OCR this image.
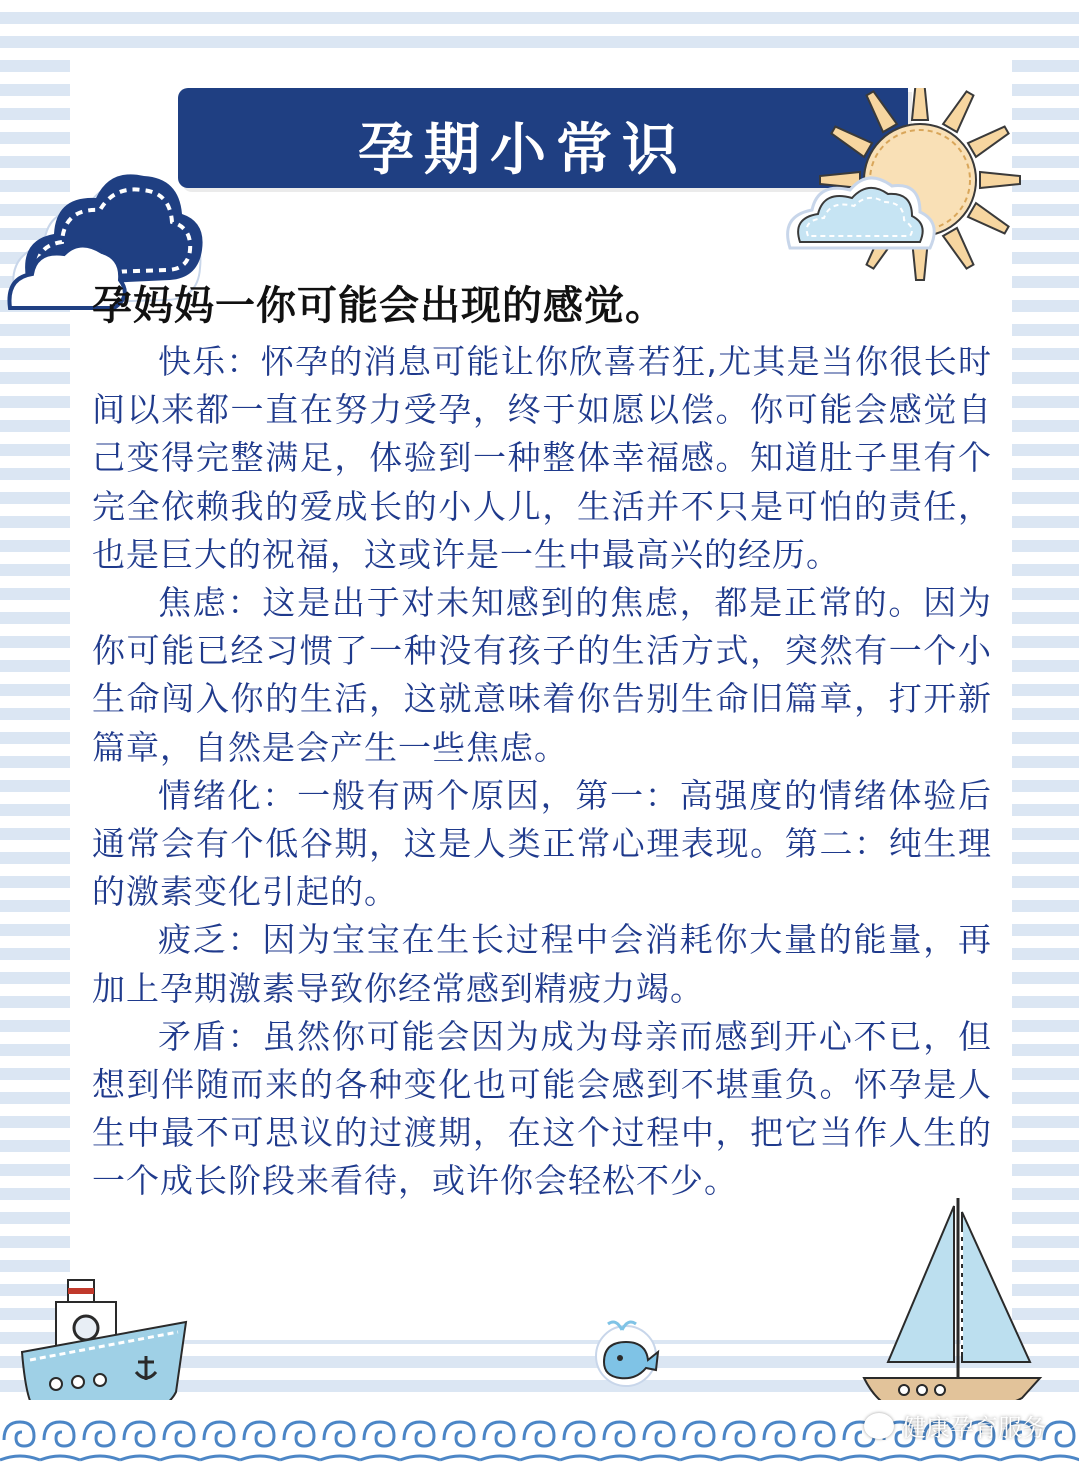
孕期小常识

孕妈妈一你可能会出现的感觉。

快乐：怀孕的消息可能让你欣喜若狂,尤其是当你很长时间以来都一直在努力受孕，终于如愿以偿。你可能会感觉自己变得完整满足，体验到一种整体幸福感。知道肚子里有个完全依赖我的爱成长的小人儿，生活并不只是可怕的责任，也是巨大的祝福，这或许是一生中最高兴的经历。

焦虑：这是出于对未知感到的焦虑，都是正常的。因为你可能已经习惯了一种没有孩子的生活方式，突然有一个小生命闯入你的生活，这就意味着你告别生命旧篇章，打开新篇章，自然是会产生一些焦虑。

情绪化：一般有两个原因，第一：高强度的情绪体验后通常会有个低谷期，这是人类正常心理表现。第二：纯生理的激素变化引起的。

疲乏：因为宝宝在生长过程中会消耗你大量的能量，再加上孕期激素导致你经常感到精疲力竭。

矛盾：虽然你可能会因为成为母亲而感到开心不已，但想到伴随而来的各种变化也可能会感到不堪重负。怀孕是人生中最不可思议的过渡期，在这个过程中，把它当作人生的一个成长阶段来看待，或许你会轻松不少。

健康孕育服务
